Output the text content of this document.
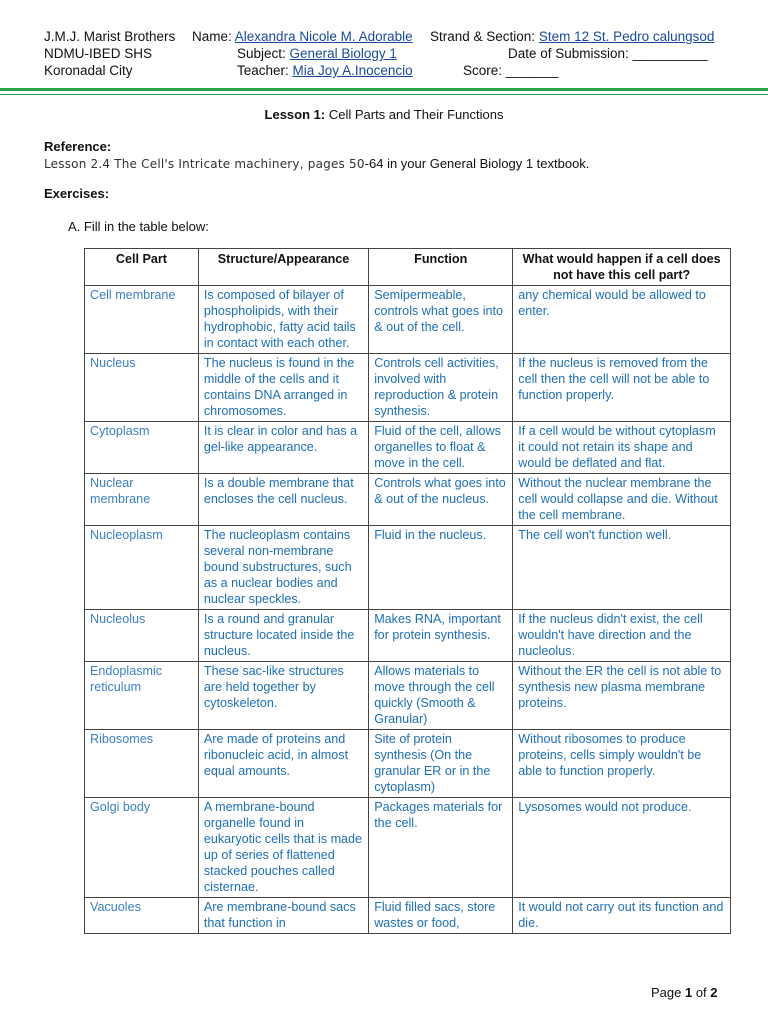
J.M.J. Marist Brothers
NDMU-IBED SHS
Koronadal City
Name: Alexandra Nicole M. Adorable Strand & Section: Stem 12 St. Pedro calungsod
Subject: General Biology 1	Date of Submission: __________
Teacher: Mia Joy A.Inocencio	Score: _______
Lesson 1: Cell Parts and Their Functions
Reference:
Lesson 2.4 The Cell's Intricate machinery, pages 50-64 in your General Biology 1 textbook.
Exercises:
A. Fill in the table below:
Cell Part	Structure/Appearance	Function	What would happen if a cell does not have this cell part?
Cell membrane	Is composed of bilayer of phospholipids, with their hydrophobic, fatty acid tails in contact with each other.	Semipermeable, controls what goes into & out of the cell.	any chemical would be allowed to enter.
Nucleus	The nucleus is found in the middle of the cells and it contains DNA arranged in chromosomes.	Controls cell activities, involved with reproduction & protein synthesis.	If the nucleus is removed from the cell then the cell will not be able to function properly.
Cytoplasm	It is clear in color and has a gel-like appearance.	Fluid of the cell, allows organelles to float & move in the cell.	If a cell would be without cytoplasm it could not retain its shape and would be deflated and flat.
Nuclear membrane	Is a double membrane that encloses the cell nucleus.	Controls what goes into & out of the nucleus.	Without the nuclear membrane the cell would collapse and die. Without the cell membrane.
Nucleoplasm	The nucleoplasm contains several non-membrane bound substructures, such as a nuclear bodies and nuclear speckles.	Fluid in the nucleus.	The cell won't function well.
Nucleolus	Is a round and granular structure located inside the nucleus.	Makes RNA, important for protein synthesis.	If the nucleus didn't exist, the cell wouldn't have direction and the nucleolus.
Endoplasmic reticulum	These sac-like structures are held together by cytoskeleton.	Allows materials to move through the cell quickly (Smooth & Granular)	Without the ER the cell is not able to synthesis new plasma membrane proteins.
Ribosomes	Are made of proteins and ribonucleic acid, in almost equal amounts.	Site of protein synthesis (On the granular ER or in the cytoplasm)	Without ribosomes to produce proteins, cells simply wouldn't be able to function properly.
Golgi body	A membrane-bound organelle found in eukaryotic cells that is made up of series of flattened stacked pouches called cisternae.	Packages materials for the cell.	Lysosomes would not produce.
Vacuoles	Are membrane-bound sacs that function in	Fluid filled sacs, store wastes or food,	It would not carry out its function and die.
Page 1 of 2
